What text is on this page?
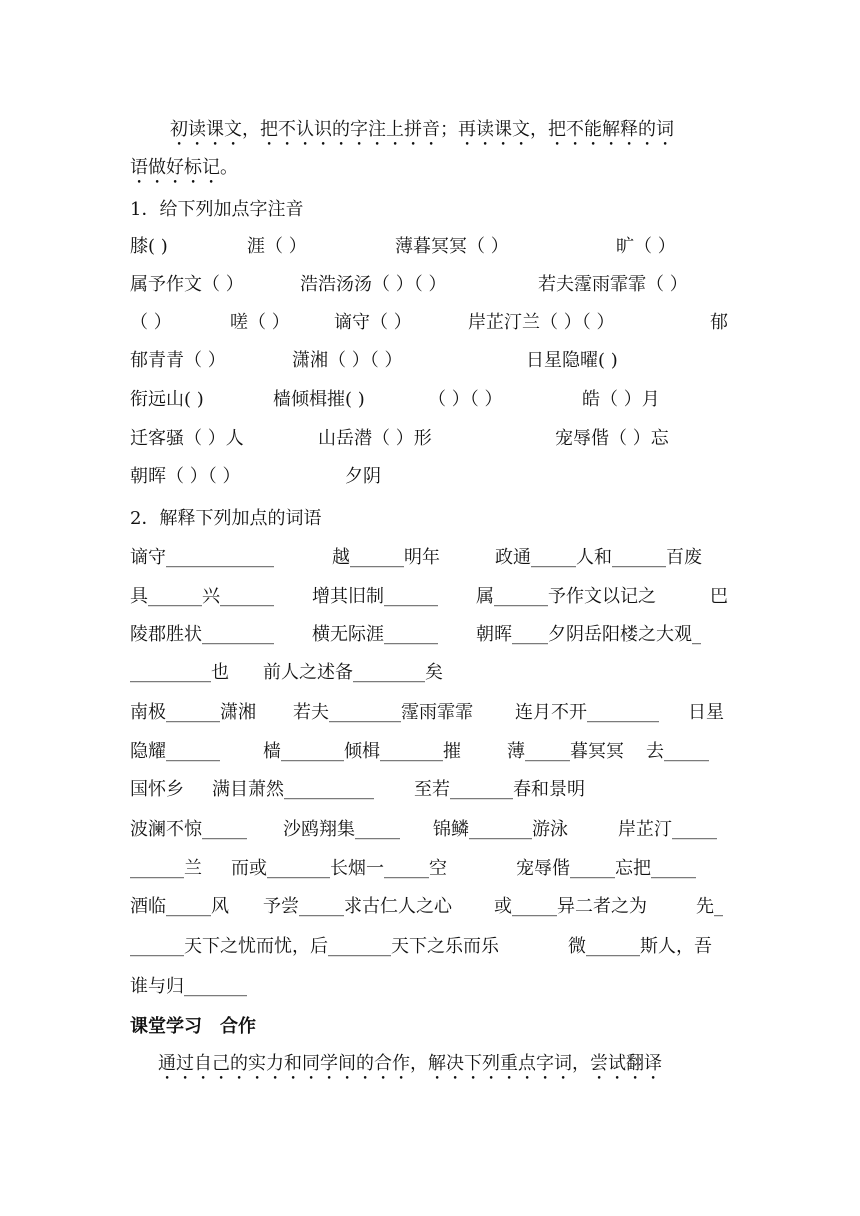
初读课文，把不认识的字注上拼音；再读课文，把不能解释的词
语做好标记。
1．给下列加点字注音
膝( )	涯（ ）	薄暮冥冥（ ）	旷（ ）
属予作文（ ）	浩浩汤汤（ ）（ ）	若夫霪雨霏霏（ ）
（ ）	嗟（ ） 谪守（ ）	岸芷汀兰（ ）（ ）	郁
郁青青（ ）	潇湘（ ）（ ）	日星隐曜( )
衔远山( )	樯倾楫摧( )	（ ）（ ）	皓（ ）月
迁客骚（ ）人	山岳潜（ ）形	宠辱偕（ ）忘
朝晖（ ）（ ）	夕阴
2．解释下列加点的词语
谪守____________	越______明年	政通_____人和______百废
具______兴______ 增其旧制______ 属______予作文以记之	巴
陵郡胜状________ 横无际涯______ 朝晖____夕阴岳阳楼之大观_
_________也 前人之述备________矣
南极______潇湘 若夫________霪雨霏霏 连月不开________ 日星
隐耀______ 樯_______倾楫_______摧	薄_____暮冥冥 去_____
国怀乡 满目萧然__________ 至若_______春和景明
波澜不惊_____ 沙鸥翔集_____ 锦鳞_______游泳	岸芷汀_____
______兰 而或_______长烟一_____空	宠辱偕_____忘把_____
酒临_____风 予尝_____求古仁人之心 或_____异二者之为	先_
______天下之忧而忧，后_______天下之乐而乐	微______斯人，吾
谁与归_______
课堂学习　合作
通过自己的实力和同学间的合作，解决下列重点字词，尝试翻译
